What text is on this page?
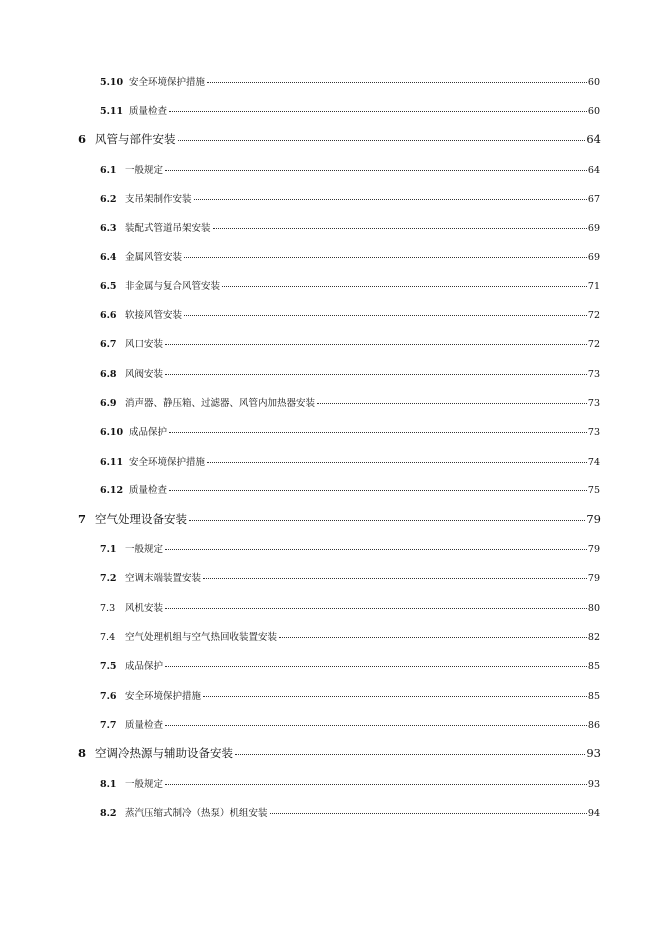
5.10 安全环境保护措施	60
5.11 质量检查	60
6 风管与部件安装	64
6.1 一般规定	64
6.2 支吊架制作安装	67
6.3 装配式管道吊架安装	69
6.4 金属风管安装	69
6.5 非金属与复合风管安装	71
6.6 软接风管安装	72
6.7 风口安装	72
6.8 风阀安装	73
6.9 消声器、静压箱、过滤器、风管内加热器安装	73
6.10 成品保护	73
6.11 安全环境保护措施	74
6.12 质量检查	75
7 空气处理设备安装	79
7.1 一般规定	79
7.2 空调末端装置安装	79
7.3	风机安装	80
7.4	空气处理机组与空气热回收装置安装	82
7.5 成品保护	85
7.6 安全环境保护措施	85
7.7 质量检查	86
8 空调冷热源与辅助设备安装	93
8.1 一般规定	93
8.2 蒸汽压缩式制冷（热泵）机组安装	94
